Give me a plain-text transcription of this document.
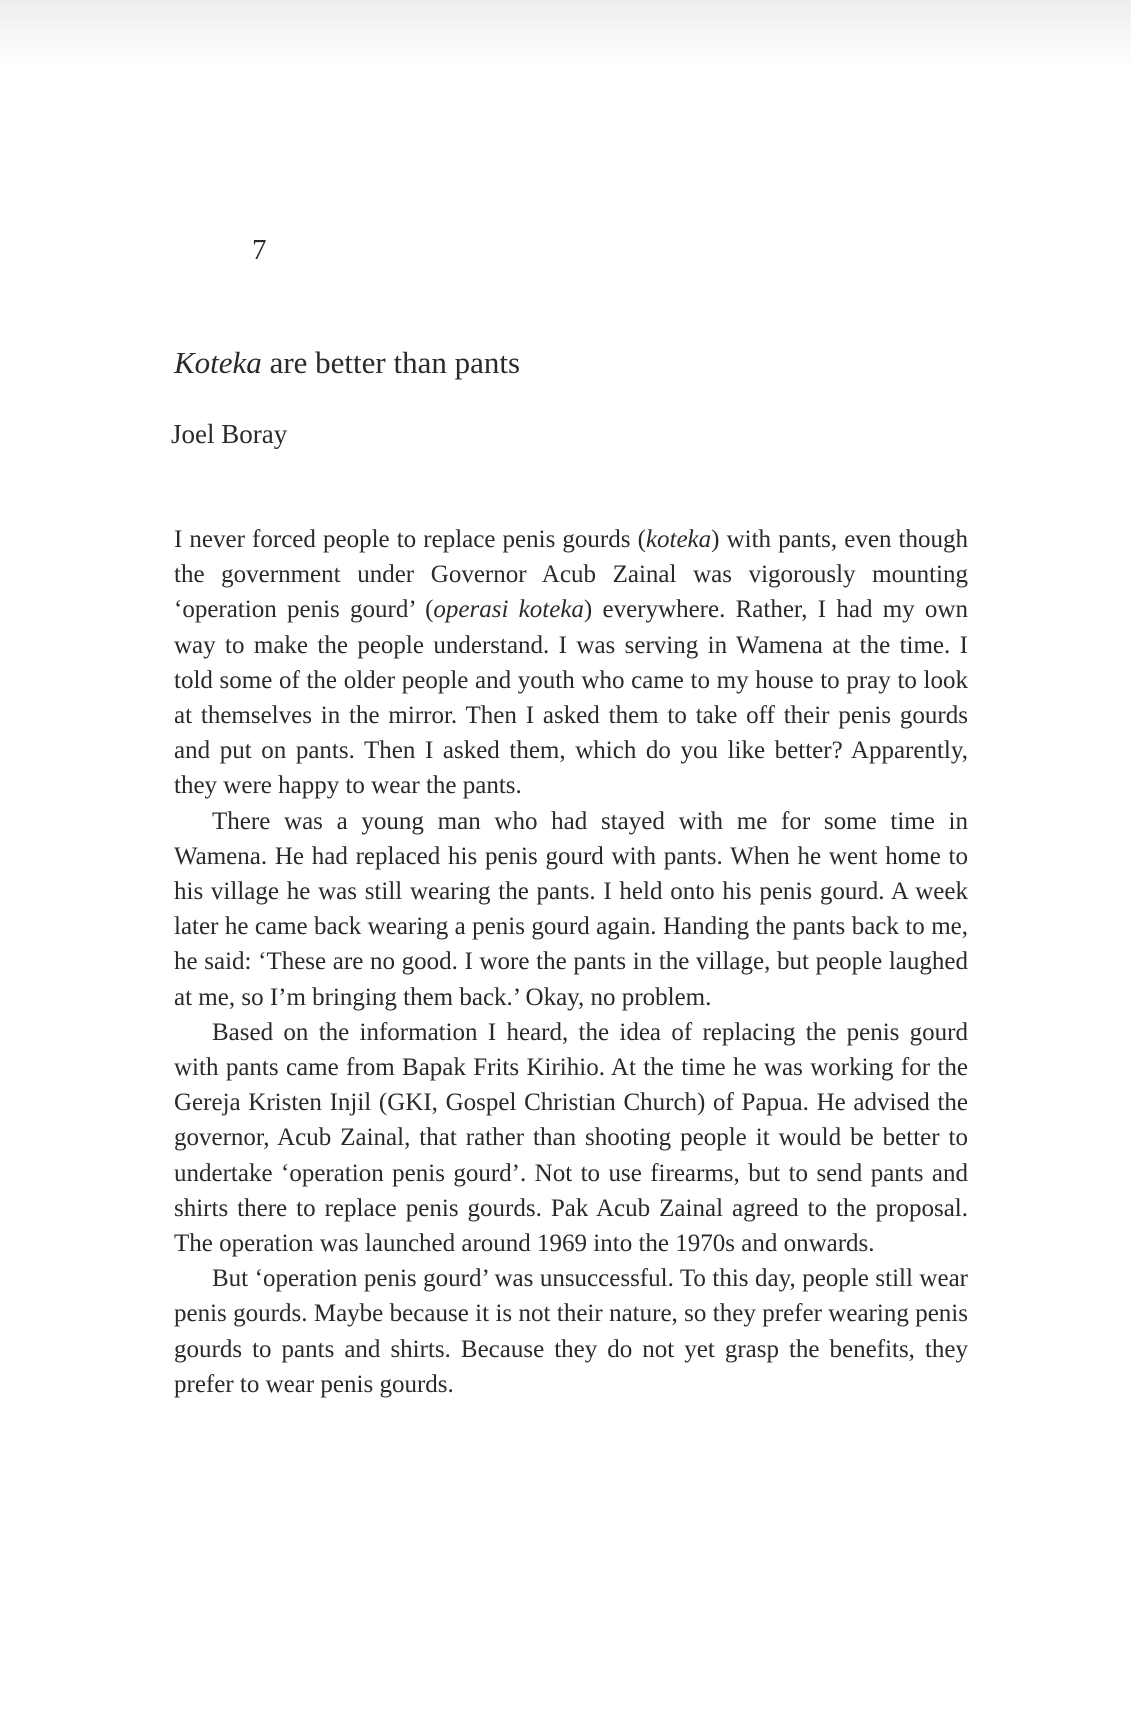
7
Koteka are better than pants
Joel Boray

I never forced people to replace penis gourds (koteka) with pants, even though the government under Governor Acub Zainal was vigorously mounting ‘operation penis gourd’ (operasi koteka) everywhere. Rather, I had my own way to make the people understand. I was serving in Wamena at the time. I told some of the older people and youth who came to my house to pray to look at themselves in the mirror. Then I asked them to take off their penis gourds and put on pants. Then I asked them, which do you like better? Apparently, they were happy to wear the pants.

There was a young man who had stayed with me for some time in Wamena. He had replaced his penis gourd with pants. When he went home to his village he was still wearing the pants. I held onto his penis gourd. A week later he came back wearing a penis gourd again. Handing the pants back to me, he said: ‘These are no good. I wore the pants in the village, but people laughed at me, so I’m bringing them back.’ Okay, no problem.

Based on the information I heard, the idea of replacing the penis gourd with pants came from Bapak Frits Kirihio. At the time he was working for the Gereja Kristen Injil (GKI, Gospel Christian Church) of Papua. He advised the governor, Acub Zainal, that rather than shooting people it would be better to undertake ‘operation penis gourd’. Not to use firearms, but to send pants and shirts there to replace penis gourds. Pak Acub Zainal agreed to the proposal. The operation was launched around 1969 into the 1970s and onwards.

But ‘operation penis gourd’ was unsuccessful. To this day, people still wear penis gourds. Maybe because it is not their nature, so they prefer wearing penis gourds to pants and shirts. Because they do not yet grasp the benefits, they prefer to wear penis gourds.
